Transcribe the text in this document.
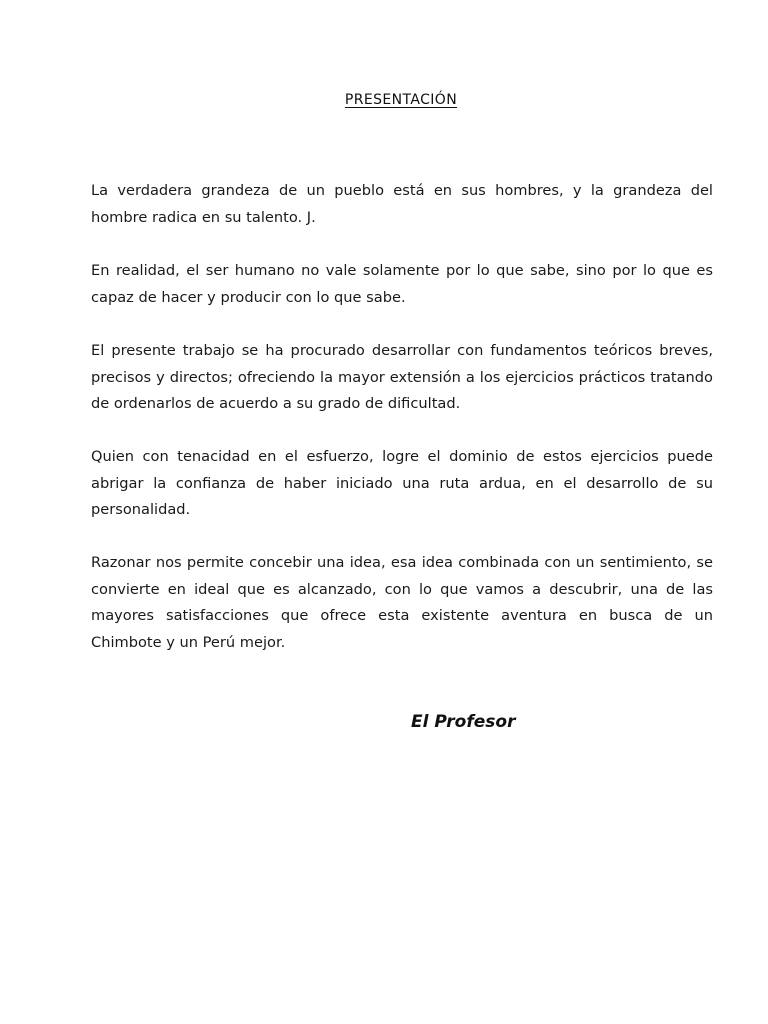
PRESENTACIÓN

La verdadera grandeza de un pueblo está en sus hombres, y la grandeza del hombre radica en su talento. J.

En realidad, el ser humano no vale solamente por lo que sabe, sino por lo que es capaz de hacer y producir con lo que sabe.

El presente trabajo se ha procurado desarrollar con fundamentos teóricos breves, precisos y directos; ofreciendo la mayor extensión a los ejercicios prácticos tratando de ordenarlos de acuerdo a su grado de dificultad.

Quien con tenacidad en el esfuerzo, logre el dominio de estos ejercicios puede abrigar la confianza de haber iniciado una ruta ardua, en el desarrollo de su personalidad.

Razonar nos permite concebir una idea, esa idea combinada con un sentimiento, se convierte en ideal que es alcanzado, con lo que vamos a descubrir, una de las mayores satisfacciones que ofrece esta existente aventura en busca de un Chimbote y un Perú mejor.

El Profesor
